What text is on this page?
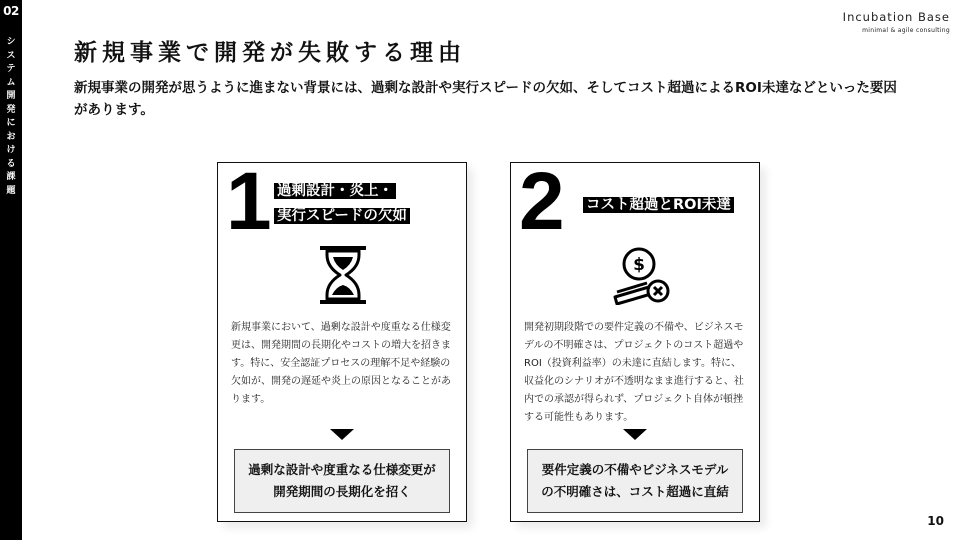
02
システム開発における課題
Incubation Base
minimal & agile consulting
新規事業で開発が失敗する理由
新規事業の開発が思うように進まない背景には、過剰な設計や実行スピードの欠如、そしてコスト超過によるROI未達などといった要因があります。
1 過剰設計・炎上・
実行スピードの欠如
新規事業において、過剰な設計や度重なる仕様変更は、開発期間の長期化やコストの増大を招きます。特に、安全認証プロセスの理解不足や経験の欠如が、開発の遅延や炎上の原因となることがあります。
過剰な設計や度重なる仕様変更が
開発期間の長期化を招く
2 コスト超過とROI未達
$
開発初期段階での要件定義の不備や、ビジネスモデルの不明確さは、プロジェクトのコスト超過やROI（投資利益率）の未達に直結します。特に、収益化のシナリオが不透明なまま進行すると、社内での承認が得られず、プロジェクト自体が頓挫する可能性もあります。
要件定義の不備やビジネスモデル
の不明確さは、コスト超過に直結
10
